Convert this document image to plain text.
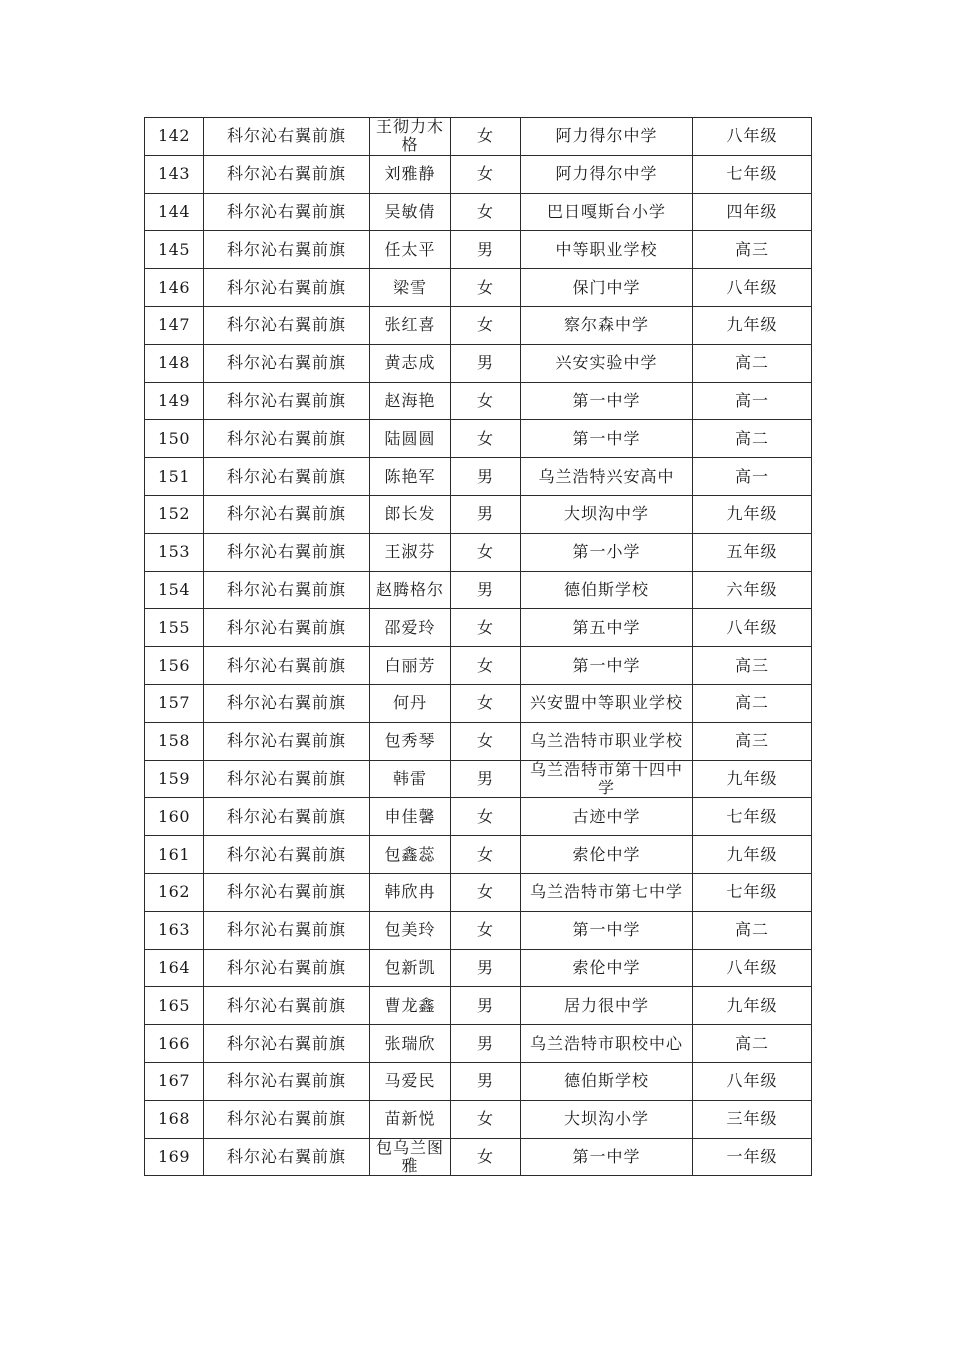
142	科尔沁右翼前旗	王彻力木格	女	阿力得尔中学	八年级
143	科尔沁右翼前旗	刘雅静	女	阿力得尔中学	七年级
144	科尔沁右翼前旗	吴敏倩	女	巴日嘎斯台小学	四年级
145	科尔沁右翼前旗	任太平	男	中等职业学校	高三
146	科尔沁右翼前旗	梁雪	女	保门中学	八年级
147	科尔沁右翼前旗	张红喜	女	察尔森中学	九年级
148	科尔沁右翼前旗	黄志成	男	兴安实验中学	高二
149	科尔沁右翼前旗	赵海艳	女	第一中学	高一
150	科尔沁右翼前旗	陆圆圆	女	第一中学	高二
151	科尔沁右翼前旗	陈艳军	男	乌兰浩特兴安高中	高一
152	科尔沁右翼前旗	郎长发	男	大坝沟中学	九年级
153	科尔沁右翼前旗	王淑芬	女	第一小学	五年级
154	科尔沁右翼前旗	赵腾格尔	男	德伯斯学校	六年级
155	科尔沁右翼前旗	邵爱玲	女	第五中学	八年级
156	科尔沁右翼前旗	白丽芳	女	第一中学	高三
157	科尔沁右翼前旗	何丹	女	兴安盟中等职业学校	高二
158	科尔沁右翼前旗	包秀琴	女	乌兰浩特市职业学校	高三
159	科尔沁右翼前旗	韩雷	男	乌兰浩特市第十四中学	九年级
160	科尔沁右翼前旗	申佳馨	女	古迹中学	七年级
161	科尔沁右翼前旗	包鑫蕊	女	索伦中学	九年级
162	科尔沁右翼前旗	韩欣冉	女	乌兰浩特市第七中学	七年级
163	科尔沁右翼前旗	包美玲	女	第一中学	高二
164	科尔沁右翼前旗	包新凯	男	索伦中学	八年级
165	科尔沁右翼前旗	曹龙鑫	男	居力很中学	九年级
166	科尔沁右翼前旗	张瑞欣	男	乌兰浩特市职校中心	高二
167	科尔沁右翼前旗	马爱民	男	德伯斯学校	八年级
168	科尔沁右翼前旗	苗新悦	女	大坝沟小学	三年级
169	科尔沁右翼前旗	包乌兰图雅	女	第一中学	一年级
